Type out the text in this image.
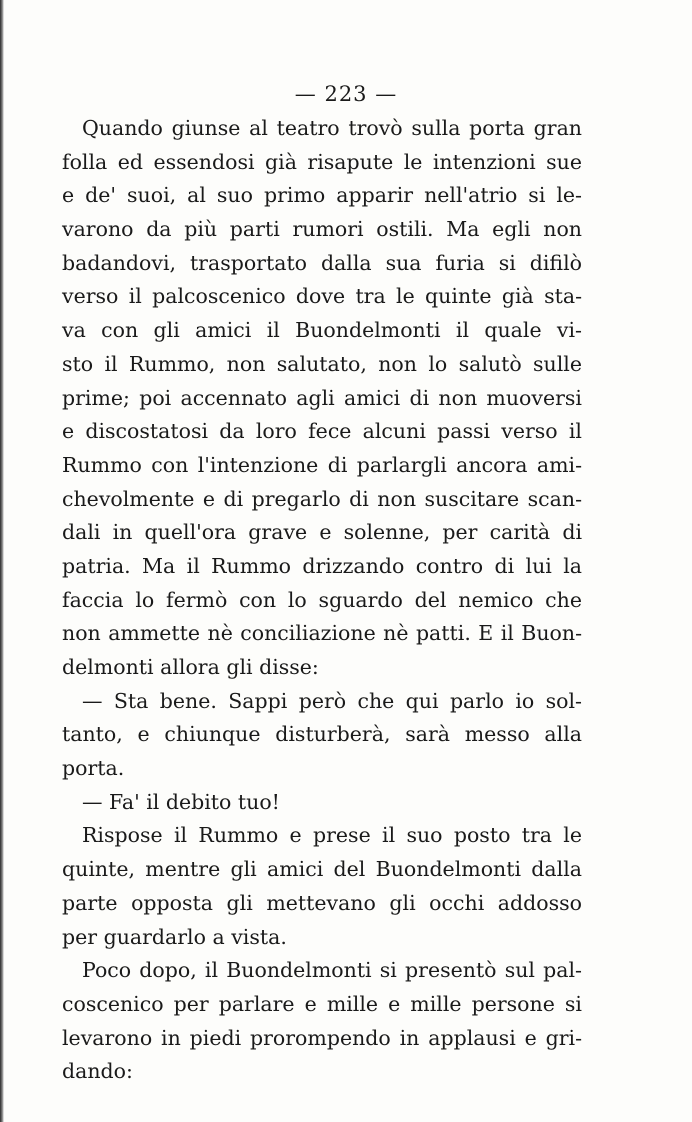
— 223 —
Quando giunse al teatro trovò sulla porta gran
folla ed essendosi già risapute le intenzioni sue
e de' suoi, al suo primo apparir nell'atrio si le-
varono da più parti rumori ostili. Ma egli non
badandovi, trasportato dalla sua furia si difilò
verso il palcoscenico dove tra le quinte già sta-
va con gli amici il Buondelmonti il quale vi-
sto il Rummo, non salutato, non lo salutò sulle
prime; poi accennato agli amici di non muoversi
e discostatosi da loro fece alcuni passi verso il
Rummo con l'intenzione di parlargli ancora ami-
chevolmente e di pregarlo di non suscitare scan-
dali in quell'ora grave e solenne, per carità di
patria. Ma il Rummo drizzando contro di lui la
faccia lo fermò con lo sguardo del nemico che
non ammette nè conciliazione nè patti. E il Buon-
delmonti allora gli disse:
— Sta bene. Sappi però che qui parlo io sol-
tanto, e chiunque disturberà, sarà messo alla
porta.
— Fa' il debito tuo!
Rispose il Rummo e prese il suo posto tra le
quinte, mentre gli amici del Buondelmonti dalla
parte opposta gli mettevano gli occhi addosso
per guardarlo a vista.
Poco dopo, il Buondelmonti si presentò sul pal-
coscenico per parlare e mille e mille persone si
levarono in piedi prorompendo in applausi e gri-
dando:
